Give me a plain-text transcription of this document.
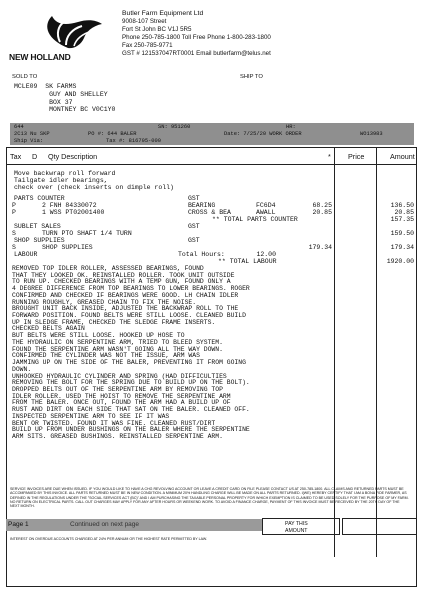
NEW HOLLAND
Butler Farm Equipment Ltd
9008-107 Street
Fort St John BC V1J 5R5
Phone 250-785-1800 Toll Free Phone 1-800-283-1800
Fax 250-785-9771
GST # 121537047RT0001 Email butlerfarm@telus.net
SOLD TO	SHIP TO
MCLE09  SK FARMS
GUY AND SHELLEY
BOX 37
MONTNEY BC V0C1Y0
644	SN: 951260	HR:
2C13 Nu SKP	PO #: 644 BALER	Date: 7/25/20 WORK ORDER	WO13983
Ship Via:	Tax #: 816795-000
Tax D Qty Description	* Price	Amount
Move backwrap roll forward
Tailgate idler bearings,
check over (check inserts on dimple roll)
PARTS COUNTER	GST
P	2 FNH 84330072	BEARING	FC6D4	68.25	136.50
P	1 WSS PT02001400	CROSS & BEA	AWALL	20.85	20.85
** TOTAL PARTS COUNTER	157.35
SUBLET SALES	GST
S	TURN PTO SHAFT 1/4 TURN	159.50
SHOP SUPPLIES	GST
S	SHOP SUPPLIES	179.34	179.34
LABOUR	Total Hours:	12.00
** TOTAL LABOUR	1920.00
REMOVED TOP IDLER ROLLER, ASSESSED BEARINGS, FOUND
THAT THEY LOOKED OK. REINSTALLED ROLLER. TOOK UNIT OUTSIDE
TO RUN UP. CHECKED BEARINGS WITH A TEMP GUN, FOUND ONLY A
4 DEGREE DIFFERENCE FROM TOP BEARINGS TO LOWER BEARINGS. ROGER
CONFIRMED AND CHECKED IF BEARINGS WERE GOOD. LH CHAIN IDLER
RUNNING ROUGHLY, GREASED CHAIN TO FIX THE NOISE.
BROUGHT UNIT BACK INSIDE, ADJUSTED THE BACKWRAP ROLL TO THE
FORWARD POSITION. FOUND BELTS WERE STILL LOOSE. CLEANED BUILD
UP IN SLEDGE FRAME, CHECKED THE SLEDGE FRAME INSERTS.
CHECKED BELTS AGAIN
BUT BELTS WERE STILL LOOSE. HOOKED UP HOSE TO
THE HYDRAULIC ON SERPENTINE ARM, TRIED TO BLEED SYSTEM.
FOUND THE SERPENTINE ARM WASN'T GOING ALL THE WAY DOWN.
CONFIRMED THE CYLINDER WAS NOT THE ISSUE, ARM WAS
JAMMING UP ON THE SIDE OF THE BALER, PREVENTING IT FROM GOING
DOWN.
UNHOOKED HYDRAULIC CYLINDER AND SPRING (HAD DIFFICULTIES
REMOVING THE BOLT FOR THE SPRING DUE TO BUILD UP ON THE BOLT).
DROPPED BELTS OUT OF THE SERPENTINE ARM BY REMOVING TOP
IDLER ROLLER. USED THE HOIST TO REMOVE THE SERPENTINE ARM
FROM THE BALER. ONCE OUT, FOUND THE ARM HAD A BUILD UP OF
RUST AND DIRT ON EACH SIDE THAT SAT ON THE BALER. CLEANED OFF.
INSPECTED SERPENTINE ARM TO SEE IF IT WAS
BENT OR TWISTED. FOUND IT WAS FINE. CLEANED RUST/DIRT
BUILD UP FROM UNDER BUSHINGS ON THE BALER WHERE THE SERPENTINE
ARM SITS. GREASED BUSHINGS. REINSTALLED SERPENTINE ARM.
SERVICE INVOICES ARE DUE WHEN ISSUED. IF YOU WOULD LIKE TO HAVE A CHG REVOLVING ACCOUNT OR LEAVE A CREDIT CARD ON FILE PLEASE CONTACT US AT 250-785-1800. ALL CLAIMS AND RETURNED PARTS MUST BE ACCOMPANIED BY THIS INVOICE. ALL PARTS RETURNED MUST BE IN NEW CONDITION. A MINIMUM 20% HANDLING CHARGE WILL BE MADE ON ALL PARTS RETURNED. I(WE) HEREBY CERTIFY THAT I AM A BONA FIDE FARMER, AS DEFINED IN THE REGULATIONS UNDER THE "SOCIAL SERVICES ACT (BC)" AND I AM PURCHASING THE TAXABLE PERSONAL PROPERTY FOR WHICH EXEMPTION IS CLAIMED TO BE USED SOLELY FOR THE PURPOSE OF MY FARM. NO RETURN ON ELECTRICAL PARTS. CALL OUT CHARGES MAY APPLY FOR ANY AFTER HOURS OR WEEKEND WORK. TO AVOID A FINANCE CHARGE, PAYMENT OF THIS INVOICE MUST BE RECEIVED BY THE 20TH DAY OF THE NEXT MONTH.
Page 1	Continued on next page	PAY THIS
AMOUNT
INTEREST ON OVERDUE ACCOUNTS CHARGED AT 24% PER ANNUM OR THE HIGHEST RATE PERMITTED BY LAW.
